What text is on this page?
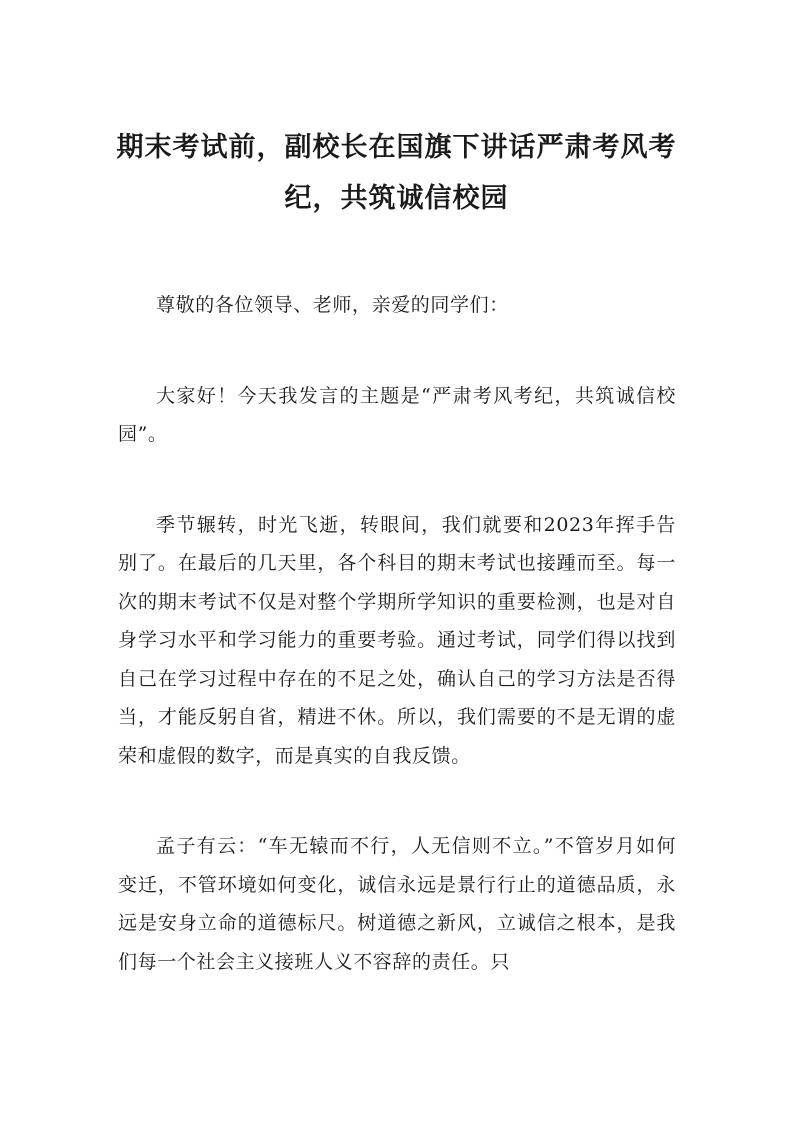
期末考试前，副校长在国旗下讲话严肃考风考纪，共筑诚信校园

尊敬的各位领导、老师，亲爱的同学们：

大家好！今天我发言的主题是“严肃考风考纪，共筑诚信校园”。

季节辗转，时光飞逝，转眼间，我们就要和2023年挥手告别了。在最后的几天里，各个科目的期末考试也接踵而至。每一次的期末考试不仅是对整个学期所学知识的重要检测，也是对自身学习水平和学习能力的重要考验。通过考试，同学们得以找到自己在学习过程中存在的不足之处，确认自己的学习方法是否得当，才能反躬自省，精进不休。所以，我们需要的不是无谓的虚荣和虚假的数字，而是真实的自我反馈。

孟子有云：“车无辕而不行，人无信则不立。”不管岁月如何变迁，不管环境如何变化，诚信永远是景行行止的道德品质，永远是安身立命的道德标尺。树道德之新风，立诚信之根本，是我们每一个社会主义接班人义不容辞的责任。只
